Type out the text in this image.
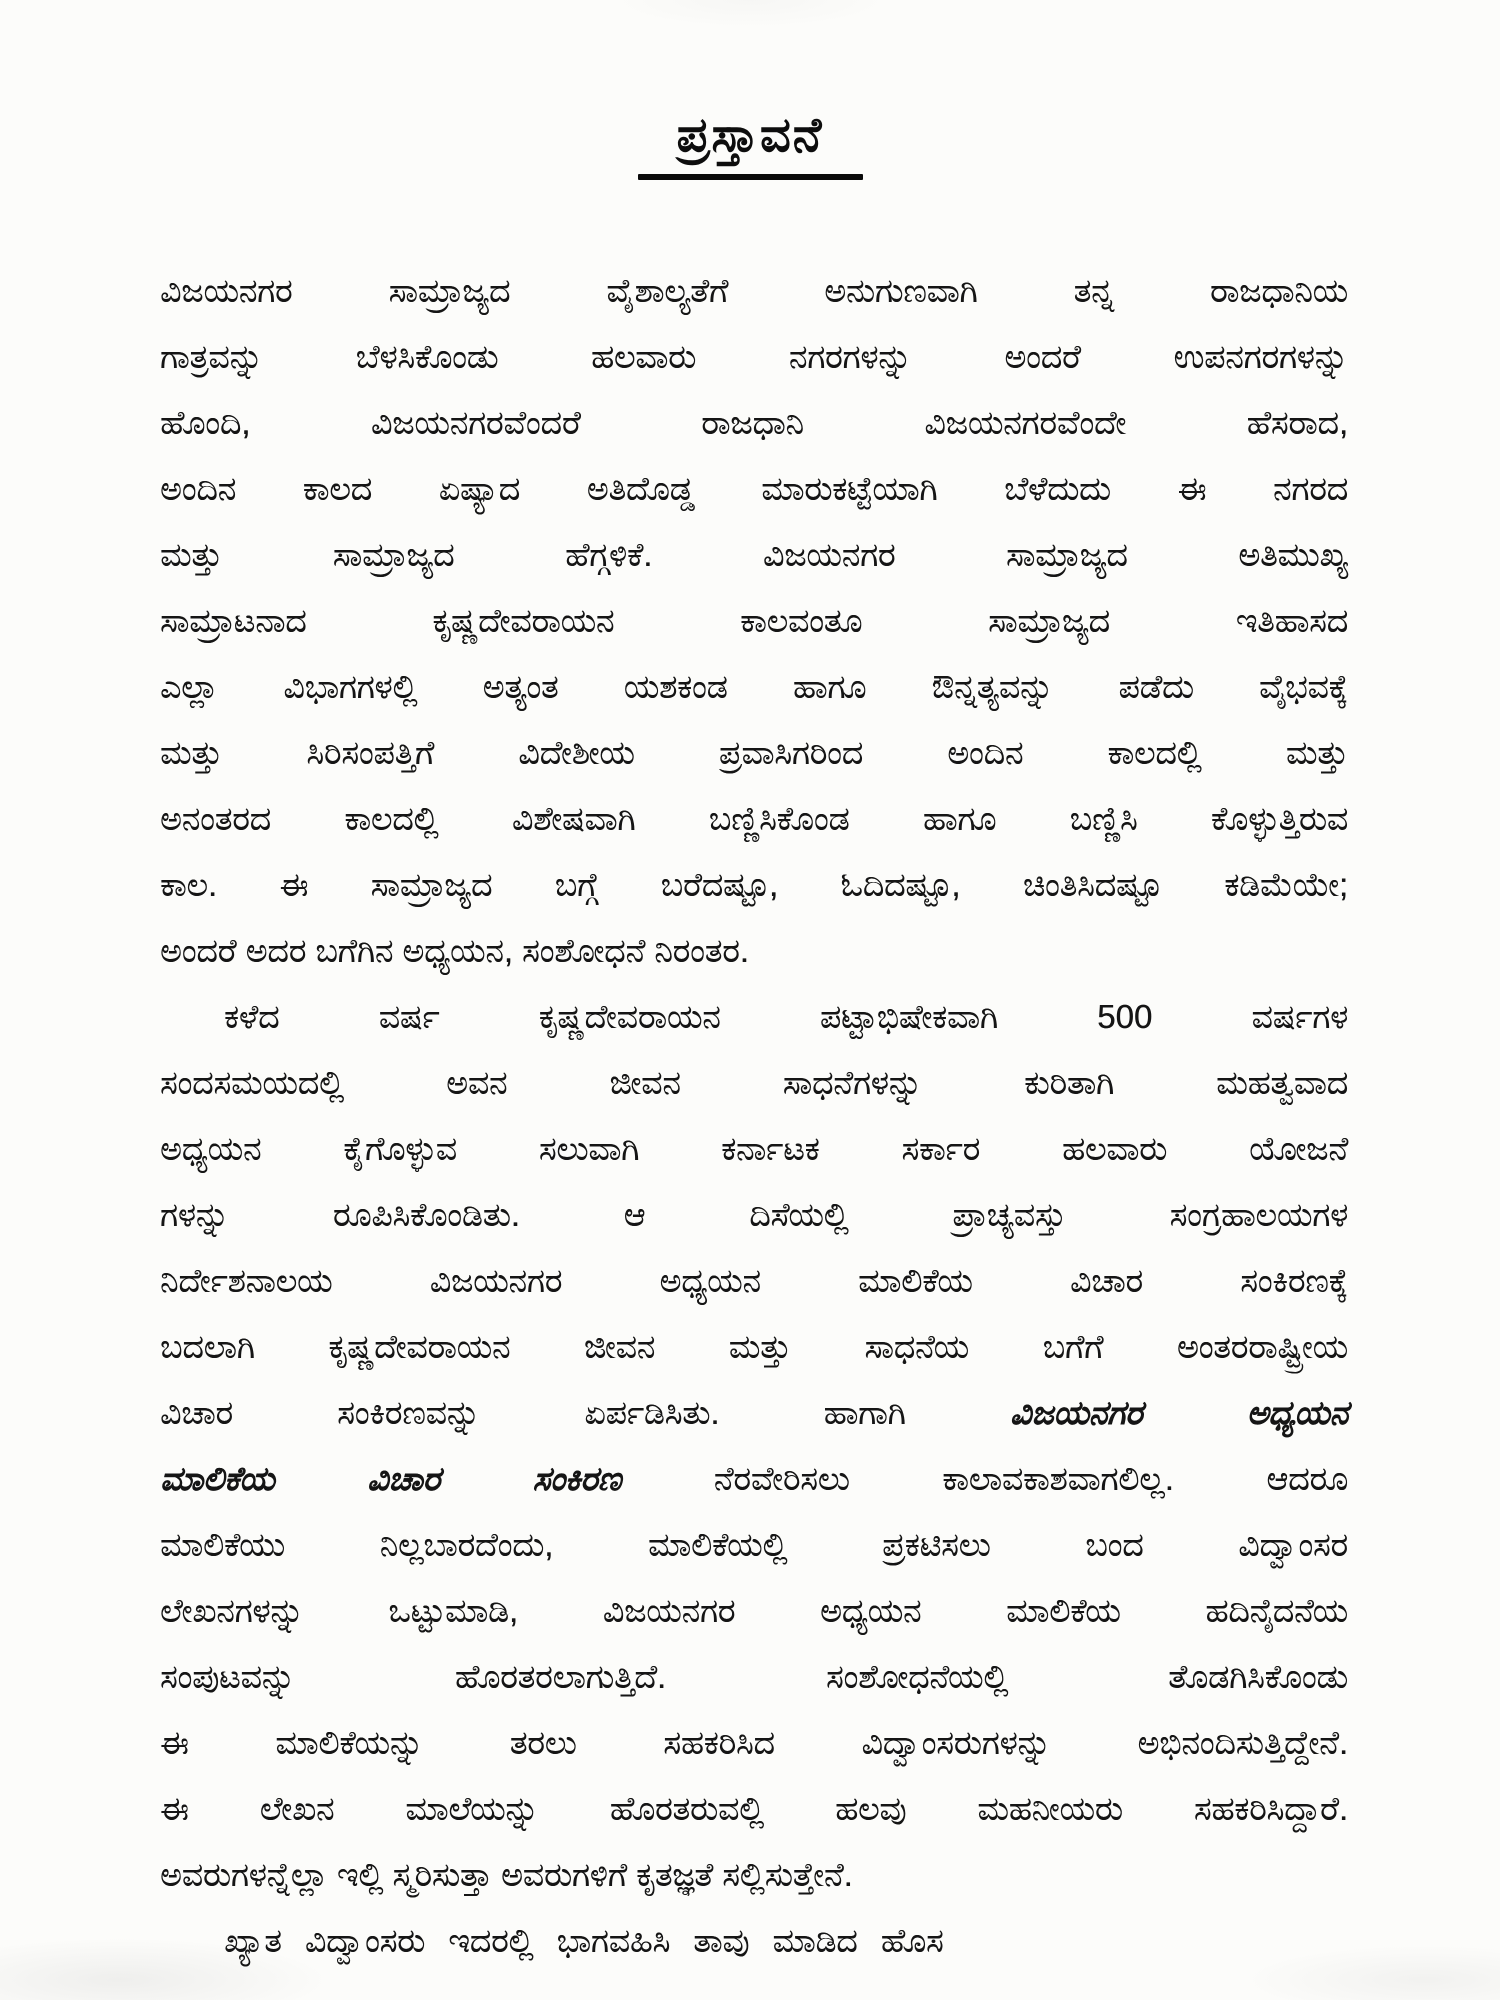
ಪ್ರಸ್ತಾವನೆ
ವಿಜಯನಗರ ಸಾಮ್ರಾಜ್ಯದ ವೈಶಾಲ್ಯತೆಗೆ ಅನುಗುಣವಾಗಿ ತನ್ನ ರಾಜಧಾನಿಯ
ಗಾತ್ರವನ್ನು ಬೆಳಸಿಕೊಂಡು ಹಲವಾರು ನಗರಗಳನ್ನು ಅಂದರೆ ಉಪನಗರಗಳನ್ನು
ಹೊಂದಿ, ವಿಜಯನಗರವೆಂದರೆ ರಾಜಧಾನಿ ವಿಜಯನಗರವೆಂದೇ ಹೆಸರಾದ,
ಅಂದಿನ ಕಾಲದ ಏಷ್ಯಾದ ಅತಿದೊಡ್ಡ ಮಾರುಕಟ್ಟೆಯಾಗಿ ಬೆಳೆದುದು ಈ ನಗರದ
ಮತ್ತು ಸಾಮ್ರಾಜ್ಯದ ಹೆಗ್ಗಳಿಕೆ. ವಿಜಯನಗರ ಸಾಮ್ರಾಜ್ಯದ ಅತಿಮುಖ್ಯ
ಸಾಮ್ರಾಟನಾದ ಕೃಷ್ಣದೇವರಾಯನ ಕಾಲವಂತೂ ಸಾಮ್ರಾಜ್ಯದ ಇತಿಹಾಸದ
ಎಲ್ಲಾ ವಿಭಾಗಗಳಲ್ಲಿ ಅತ್ಯಂತ ಯಶಕಂಡ ಹಾಗೂ ಔನ್ನತ್ಯವನ್ನು ಪಡೆದು ವೈಭವಕ್ಕೆ
ಮತ್ತು ಸಿರಿಸಂಪತ್ತಿಗೆ ವಿದೇಶೀಯ ಪ್ರವಾಸಿಗರಿಂದ ಅಂದಿನ ಕಾಲದಲ್ಲಿ ಮತ್ತು
ಅನಂತರದ ಕಾಲದಲ್ಲಿ ವಿಶೇಷವಾಗಿ ಬಣ್ಣಿಸಿಕೊಂಡ ಹಾಗೂ ಬಣ್ಣಿಸಿ ಕೊಳ್ಳುತ್ತಿರುವ
ಕಾಲ. ಈ ಸಾಮ್ರಾಜ್ಯದ ಬಗ್ಗೆ ಬರೆದಷ್ಟೂ, ಓದಿದಷ್ಟೂ, ಚಿಂತಿಸಿದಷ್ಟೂ ಕಡಿಮೆಯೇ;
ಅಂದರೆ ಅದರ ಬಗೆಗಿನ ಅಧ್ಯಯನ, ಸಂಶೋಧನೆ ನಿರಂತರ.
ಕಳೆದ ವರ್ಷ ಕೃಷ್ಣದೇವರಾಯನ ಪಟ್ಟಾಭಿಷೇಕವಾಗಿ 500 ವರ್ಷಗಳ
ಸಂದಸಮಯದಲ್ಲಿ ಅವನ ಜೀವನ ಸಾಧನೆಗಳನ್ನು ಕುರಿತಾಗಿ ಮಹತ್ವವಾದ
ಅಧ್ಯಯನ ಕೈಗೊಳ್ಳುವ ಸಲುವಾಗಿ ಕರ್ನಾಟಕ ಸರ್ಕಾರ ಹಲವಾರು ಯೋಜನೆ
ಗಳನ್ನು ರೂಪಿಸಿಕೊಂಡಿತು. ಆ ದಿಸೆಯಲ್ಲಿ ಪ್ರಾಚ್ಯವಸ್ತು ಸಂಗ್ರಹಾಲಯಗಳ
ನಿರ್ದೇಶನಾಲಯ ವಿಜಯನಗರ ಅಧ್ಯಯನ ಮಾಲಿಕೆಯ ವಿಚಾರ ಸಂಕಿರಣಕ್ಕೆ
ಬದಲಾಗಿ ಕೃಷ್ಣದೇವರಾಯನ ಜೀವನ ಮತ್ತು ಸಾಧನೆಯ ಬಗೆಗೆ ಅಂತರರಾಷ್ಟ್ರೀಯ
ವಿಚಾರ ಸಂಕಿರಣವನ್ನು ಏರ್ಪಡಿಸಿತು. ಹಾಗಾಗಿ ವಿಜಯನಗರ ಅಧ್ಯಯನ
ಮಾಲಿಕೆಯ ವಿಚಾರ ಸಂಕಿರಣ ನೆರವೇರಿಸಲು ಕಾಲಾವಕಾಶವಾಗಲಿಲ್ಲ. ಆದರೂ
ಮಾಲಿಕೆಯು ನಿಲ್ಲಬಾರದೆಂದು, ಮಾಲಿಕೆಯಲ್ಲಿ ಪ್ರಕಟಿಸಲು ಬಂದ ವಿದ್ವಾಂಸರ
ಲೇಖನಗಳನ್ನು ಒಟ್ಟುಮಾಡಿ, ವಿಜಯನಗರ ಅಧ್ಯಯನ ಮಾಲಿಕೆಯ ಹದಿನೈದನೆಯ
ಸಂಪುಟವನ್ನು ಹೊರತರಲಾಗುತ್ತಿದೆ. ಸಂಶೋಧನೆಯಲ್ಲಿ ತೊಡಗಿಸಿಕೊಂಡು
ಈ ಮಾಲಿಕೆಯನ್ನು ತರಲು ಸಹಕರಿಸಿದ ವಿದ್ವಾಂಸರುಗಳನ್ನು ಅಭಿನಂದಿಸುತ್ತಿದ್ದೇನೆ.
ಈ ಲೇಖನ ಮಾಲೆಯನ್ನು ಹೊರತರುವಲ್ಲಿ ಹಲವು ಮಹನೀಯರು ಸಹಕರಿಸಿದ್ದಾರೆ.
ಅವರುಗಳನ್ನೆಲ್ಲಾ ಇಲ್ಲಿ ಸ್ಮರಿಸುತ್ತಾ ಅವರುಗಳಿಗೆ ಕೃತಜ್ಞತೆ ಸಲ್ಲಿಸುತ್ತೇನೆ.
ಖ್ಯಾತ ವಿದ್ವಾಂಸರು ಇದರಲ್ಲಿ ಭಾಗವಹಿಸಿ ತಾವು ಮಾಡಿದ ಹೊಸ
